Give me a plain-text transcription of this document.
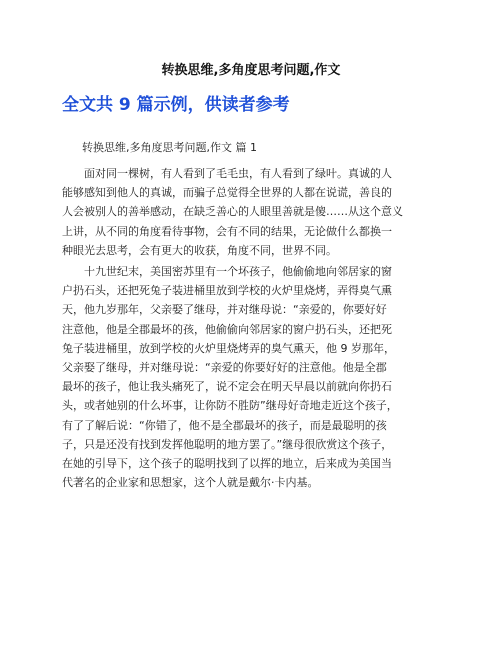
转换思维,多角度思考问题,作文
全文共 9 篇示例，供读者参考
转换思维,多角度思考问题,作文 篇 1
面对同一棵树，有人看到了毛毛虫，有人看到了绿叶。真诚的人
能够感知到他人的真诚，而骗子总觉得全世界的人都在说谎，善良的
人会被别人的善举感动，在缺乏善心的人眼里善就是傻……从这个意义
上讲，从不同的角度看待事物，会有不同的结果，无论做什么都换一
种眼光去思考，会有更大的收获，角度不同，世界不同。
十九世纪末，美国密苏里有一个坏孩子，他偷偷地向邻居家的窗
户扔石头，还把死兔子装进桶里放到学校的火炉里烧烤，弄得臭气熏
天，他九岁那年，父亲娶了继母，并对继母说：“亲爱的，你要好好
注意他，他是全郡最坏的孩，他偷偷向邻居家的窗户扔石头，还把死
兔子装进桶里，放到学校的火炉里烧烤弄的臭气熏天，他 9 岁那年，
父亲娶了继母，并对继母说：“亲爱的你要好好的注意他。他是全郡
最坏的孩子，他让我头痛死了，说不定会在明天早晨以前就向你扔石
头，或者她别的什么坏事，让你防不胜防”继母好奇地走近这个孩子，
有了了解后说：“你错了，他不是全郡最坏的孩子，而是最聪明的孩
子，只是还没有找到发挥他聪明的地方罢了。”继母很欣赏这个孩子，
在她的引导下，这个孩子的聪明找到了以挥的地立，后来成为美国当
代著名的企业家和思想家，这个人就是戴尔·卡内基。
